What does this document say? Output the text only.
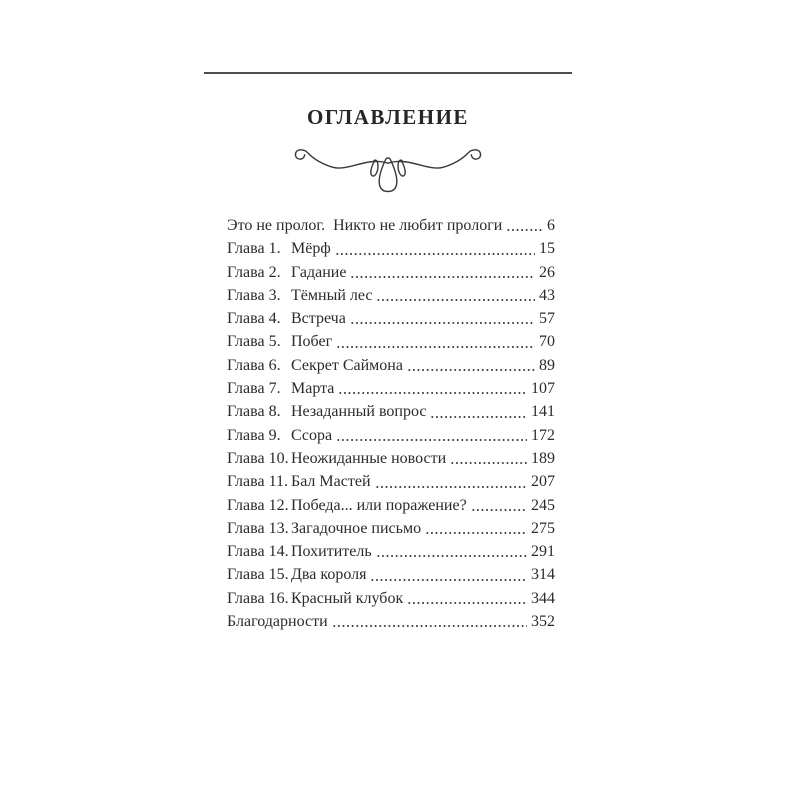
ОГЛАВЛЕНИЕ
Это не пролог.  Никто не любит прологи	6
Глава 1. Мёрф	15
Глава 2. Гадание	26
Глава 3. Тёмный лес	43
Глава 4. Встреча	57
Глава 5. Побег	70
Глава 6. Секрет Саймона	89
Глава 7. Марта	107
Глава 8. Незаданный вопрос	141
Глава 9. Ссора	172
Глава 10. Неожиданные новости	189
Глава 11. Бал Мастей	207
Глава 12. Победа... или поражение?	245
Глава 13. Загадочное письмо	275
Глава 14. Похититель	291
Глава 15. Два короля	314
Глава 16. Красный клубок	344
Благодарности	352
